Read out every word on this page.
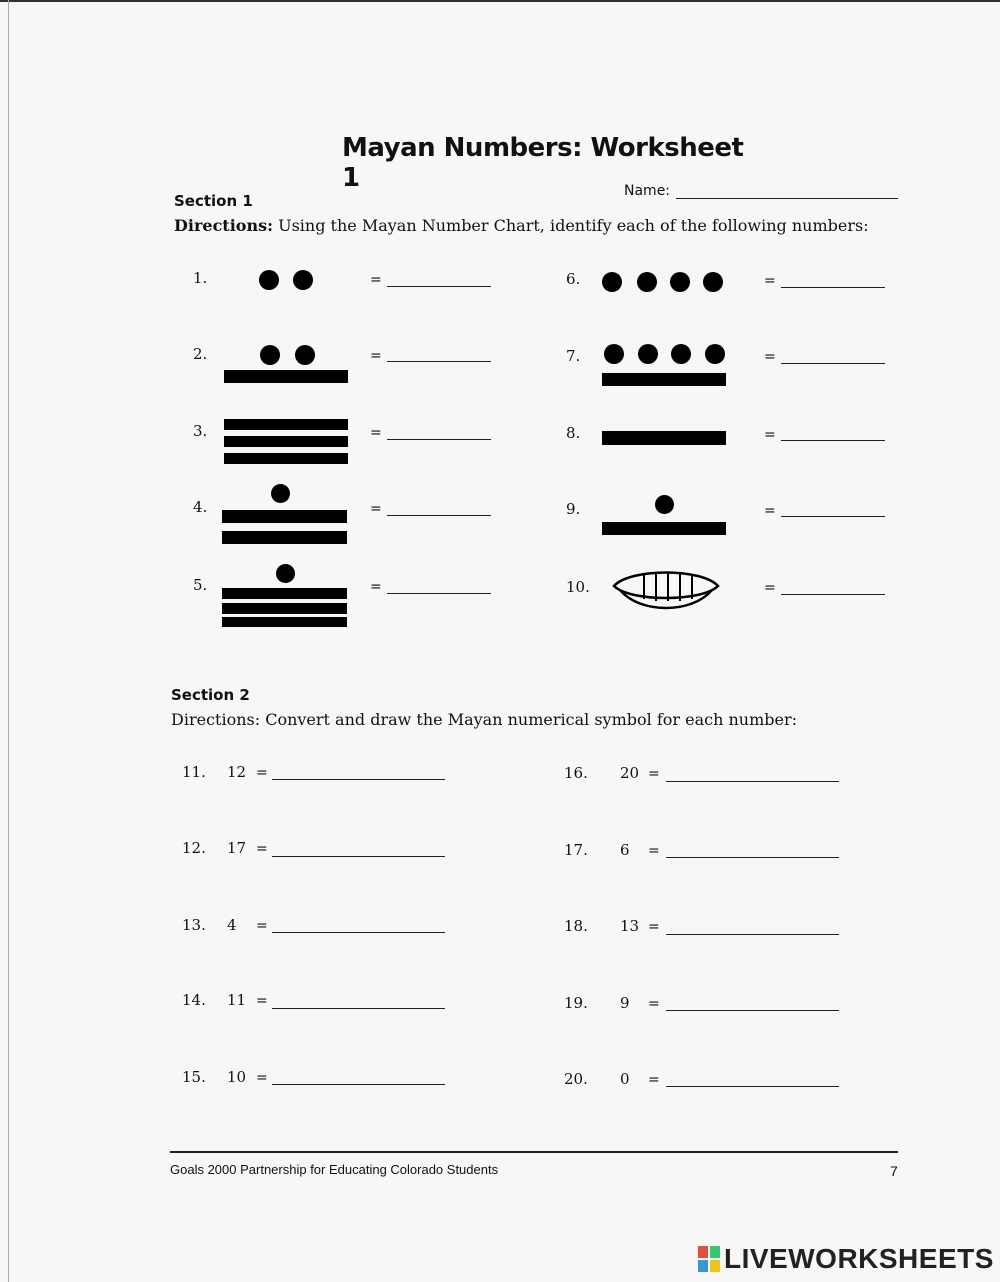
Mayan Numbers: Worksheet 1
Section 1
Name:
Directions: Using the Mayan Number Chart, identify each of the following numbers:
1.	=
2.	=
3.	=
4.	=
5.	=
6.	=
7.	=
8.	=
9.	=
10.	=
Section 2
Directions: Convert and draw the Mayan numerical symbol for each number:
11. 12 =
12. 17 =
13. 4 =
14. 11 =
15. 10 =
16. 20 =
17. 6 =
18. 13 =
19. 9 =
20. 0 =
Goals 2000 Partnership for Educating Colorado Students	7
LIVEWORKSHEETS
